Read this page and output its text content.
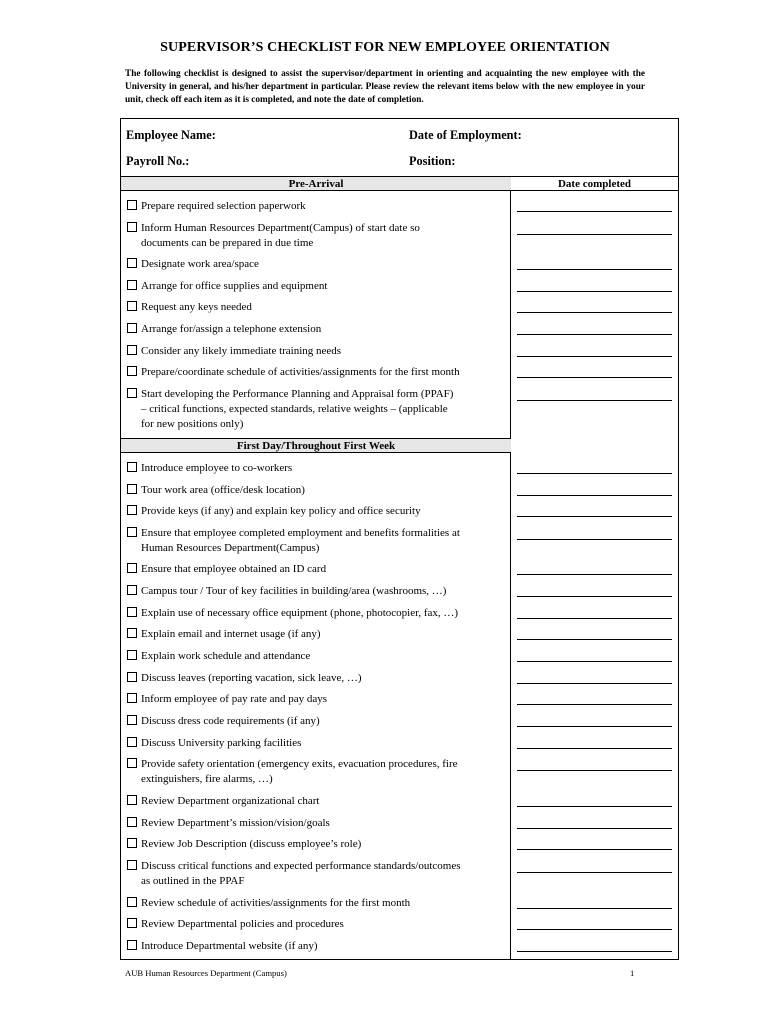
SUPERVISOR’S CHECKLIST FOR NEW EMPLOYEE ORIENTATION
The following checklist is designed to assist the supervisor/department in orienting and acquainting the new employee with the University in general, and his/her department in particular. Please review the relevant items below with the new employee in your unit, check off each item as it is completed, and note the date of completion.
Employee Name:	Date of Employment:
Payroll No.:	Position:
Date completed
Pre-Arrival
Prepare required selection paperwork
Inform Human Resources Department(Campus) of start date so
documents can be prepared in due time
Designate work area/space
Arrange for office supplies and equipment
Request any keys needed
Arrange for/assign a telephone extension
Consider any likely immediate training needs
Prepare/coordinate schedule of activities/assignments for the first month
Start developing the Performance Planning and Appraisal form (PPAF)
– critical functions, expected standards, relative weights – (applicable
for new positions only)
First Day/Throughout First Week
Introduce employee to co-workers
Tour work area (office/desk location)
Provide keys (if any) and explain key policy and office security
Ensure that employee completed employment and benefits formalities at
Human Resources Department(Campus)
Ensure that employee obtained an ID card
Campus tour / Tour of key facilities in building/area (washrooms, …)
Explain use of necessary office equipment (phone, photocopier, fax, …)
Explain email and internet usage (if any)
Explain work schedule and attendance
Discuss leaves (reporting vacation, sick leave, …)
Inform employee of pay rate and pay days
Discuss dress code requirements (if any)
Discuss University parking facilities
Provide safety orientation (emergency exits, evacuation procedures, fire
extinguishers, fire alarms, …)
Review Department organizational chart
Review Department’s mission/vision/goals
Review Job Description (discuss employee’s role)
Discuss critical functions and expected performance standards/outcomes
as outlined in the PPAF
Review schedule of activities/assignments for the first month
Review Departmental policies and procedures
Introduce Departmental website (if any)
AUB Human Resources Department (Campus)	1
